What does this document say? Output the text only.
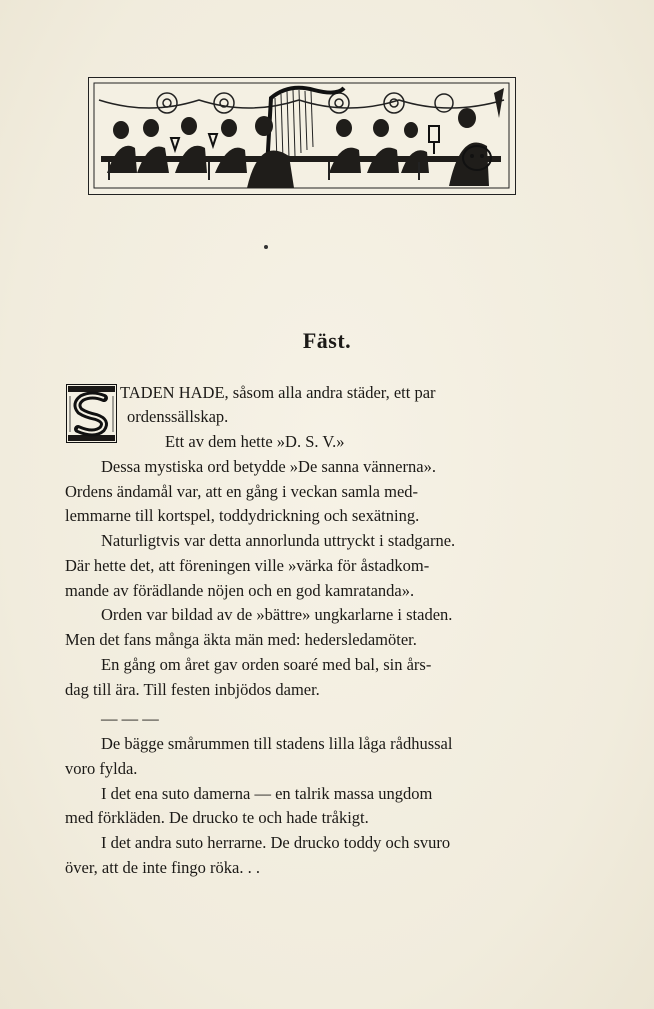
Fäst.
TADEN HADE, såsom alla andra städer, ett par
ordenssällskap.
Ett av dem hette »D. S. V.»
Dessa mystiska ord betydde »De sanna vännerna».
Ordens ändamål var, att en gång i veckan samla med-
lemmarne till kortspel, toddydrickning och sexätning.
Naturligtvis var detta annorlunda uttryckt i stadgarne.
Där hette det, att föreningen ville »värka för åstadkom-
mande av förädlande nöjen och en god kamratanda».
Orden var bildad av de »bättre» ungkarlarne i staden.
Men det fans många äkta män med: hedersledamöter.
En gång om året gav orden soaré med bal, sin års-
dag till ära. Till festen inbjödos damer.
— — —
De bägge smårummen till stadens lilla låga rådhussal
voro fylda.
I det ena suto damerna — en talrik massa ungdom
med förkläden. De drucko te och hade tråkigt.
I det andra suto herrarne. De drucko toddy och svuro
över, att de inte fingo röka. . .
